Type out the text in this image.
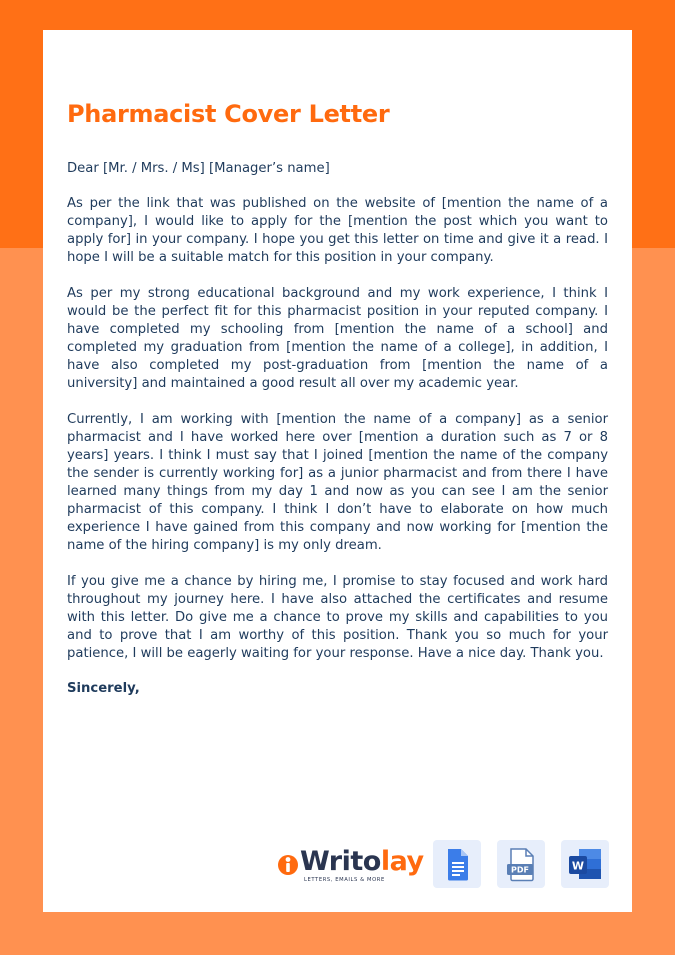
Pharmacist Cover Letter

Dear [Mr. / Mrs. / Ms] [Manager’s name]

As per the link that was published on the website of [mention the name of a company], I would like to apply for the [mention the post which you want to apply for] in your company. I hope you get this letter on time and give it a read. I hope I will be a suitable match for this position in your company.

As per my strong educational background and my work experience, I think I would be the perfect fit for this pharmacist position in your reputed company. I have completed my schooling from [mention the name of a school] and completed my graduation from [mention the name of a college], in addition, I have also completed my post-graduation from [mention the name of a university] and maintained a good result all over my academic year.

Currently, I am working with [mention the name of a company] as a senior pharmacist and I have worked here over [mention a duration such as 7 or 8 years] years. I think I must say that I joined [mention the name of the company the sender is currently working for] as a junior pharmacist and from there I have learned many things from my day 1 and now as you can see I am the senior pharmacist of this company. I think I don’t have to elaborate on how much experience I have gained from this company and now working for [mention the name of the hiring company] is my only dream.

If you give me a chance by hiring me, I promise to stay focused and work hard throughout my journey here. I have also attached the certificates and resume with this letter. Do give me a chance to prove my skills and capabilities to you and to prove that I am worthy of this position. Thank you so much for your patience, I will be eagerly waiting for your response. Have a nice day. Thank you.

Sincerely,

Writolay
LETTERS, EMAILS & MORE
PDF	W
